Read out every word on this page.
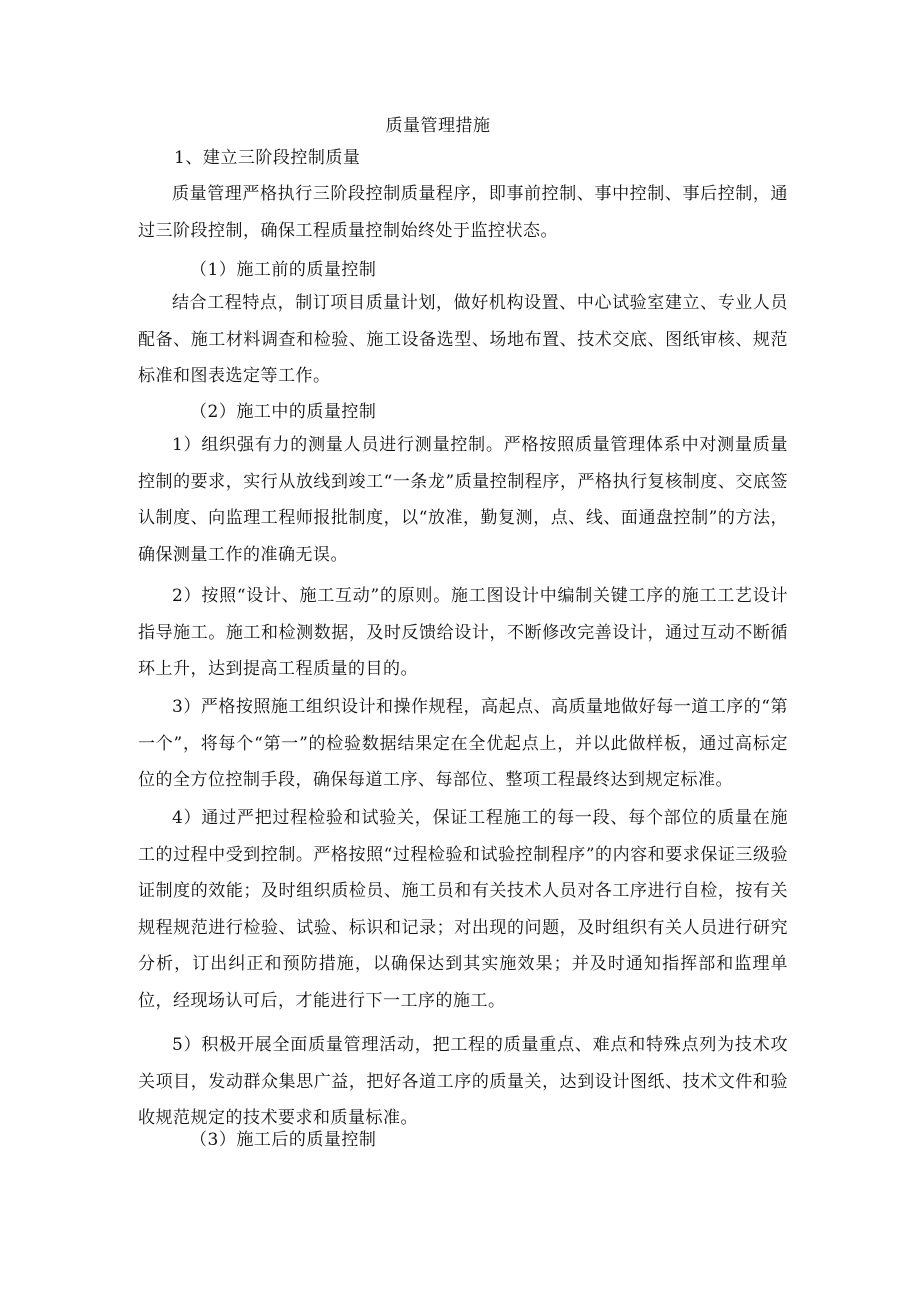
质量管理措施
1、建立三阶段控制质量
质量管理严格执行三阶段控制质量程序，即事前控制、事中控制、事后控制，通过三阶段控制，确保工程质量控制始终处于监控状态。
（1）施工前的质量控制
结合工程特点，制订项目质量计划，做好机构设置、中心试验室建立、专业人员配备、施工材料调查和检验、施工设备选型、场地布置、技术交底、图纸审核、规范标准和图表选定等工作。
（2）施工中的质量控制
1）组织强有力的测量人员进行测量控制。严格按照质量管理体系中对测量质量控制的要求，实行从放线到竣工“一条龙”质量控制程序，严格执行复核制度、交底签认制度、向监理工程师报批制度，以“放准，勤复测，点、线、面通盘控制”的方法，确保测量工作的准确无误。
2）按照“设计、施工互动”的原则。施工图设计中编制关键工序的施工工艺设计指导施工。施工和检测数据，及时反馈给设计，不断修改完善设计，通过互动不断循环上升，达到提高工程质量的目的。
3）严格按照施工组织设计和操作规程，高起点、高质量地做好每一道工序的“第一个”，将每个“第一”的检验数据结果定在全优起点上，并以此做样板，通过高标定位的全方位控制手段，确保每道工序、每部位、整项工程最终达到规定标准。
4）通过严把过程检验和试验关，保证工程施工的每一段、每个部位的质量在施工的过程中受到控制。严格按照“过程检验和试验控制程序”的内容和要求保证三级验证制度的效能；及时组织质检员、施工员和有关技术人员对各工序进行自检，按有关规程规范进行检验、试验、标识和记录；对出现的问题，及时组织有关人员进行研究分析，订出纠正和预防措施，以确保达到其实施效果；并及时通知指挥部和监理单位，经现场认可后，才能进行下一工序的施工。
5）积极开展全面质量管理活动，把工程的质量重点、难点和特殊点列为技术攻关项目，发动群众集思广益，把好各道工序的质量关，达到设计图纸、技术文件和验收规范规定的技术要求和质量标准。
（3）施工后的质量控制
